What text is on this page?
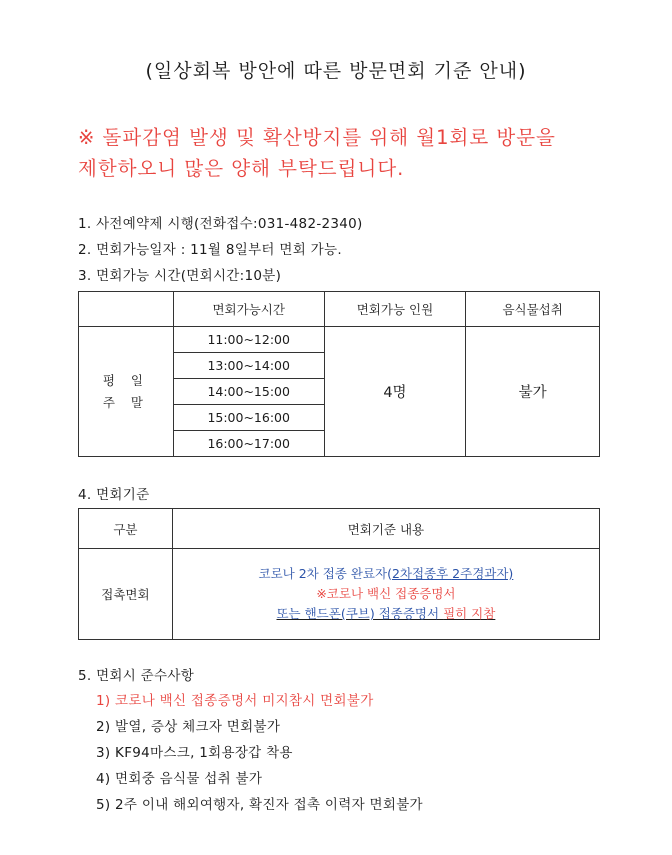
(일상회복 방안에 따른 방문면회 기준 안내)
※ 돌파감염 발생 및 확산방지를 위해 월1회로 방문을
제한하오니 많은 양해 부탁드립니다.
1. 사전예약제 시행(전화접수:031-482-2340)
2. 면회가능일자 : 11월 8일부터 면회 가능.
3. 면회가능 시간(면회시간:10분)
	면회가능시간	면회가능 인원	음식물섭취

평 일
주 말	11:00~12:00	4명	불가
	13:00~14:00		
	14:00~15:00		
	15:00~16:00		
	16:00~17:00		
4. 면회기준
구분	면회기준 내용
접촉면회	코로나 2차 접종 완료자(2차접종후 2주경과자)
※코로나 백신 접종증명서
또는 핸드폰(쿠브) 접종증명서 필히 지참
5. 면회시 준수사항
1) 코로나 백신 접종증명서 미지참시 면회불가
2) 발열, 증상 체크자 면회불가
3) KF94마스크, 1회용장갑 착용
4) 면회중 음식물 섭취 불가
5) 2주 이내 해외여행자, 확진자 접촉 이력자 면회불가
